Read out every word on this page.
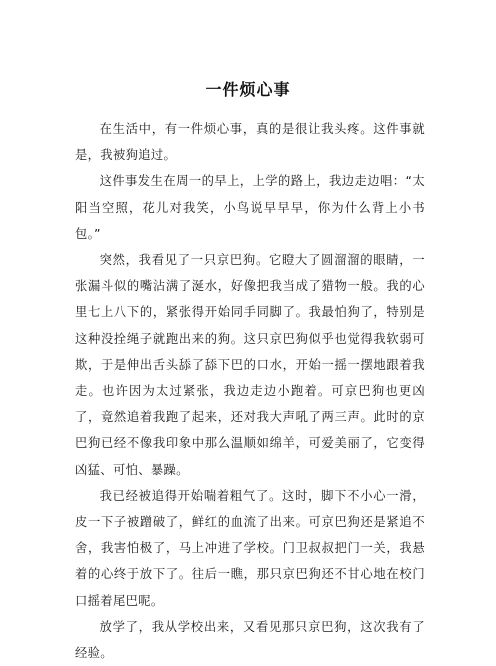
一件烦心事

在生活中，有一件烦心事，真的是很让我头疼。这件事就是，我被狗追过。

这件事发生在周一的早上，上学的路上，我边走边唱：“太阳当空照，花儿对我笑，小鸟说早早早，你为什么背上小书包。”

突然，我看见了一只京巴狗。它瞪大了圆溜溜的眼睛，一张漏斗似的嘴沾满了涎水，好像把我当成了猎物一般。我的心里七上八下的，紧张得开始同手同脚了。我最怕狗了，特别是这种没拴绳子就跑出来的狗。这只京巴狗似乎也觉得我软弱可欺，于是伸出舌头舔了舔下巴的口水，开始一摇一摆地跟着我走。也许因为太过紧张，我边走边小跑着。可京巴狗也更凶了，竟然追着我跑了起来，还对我大声吼了两三声。此时的京巴狗已经不像我印象中那么温顺如绵羊，可爱美丽了，它变得凶猛、可怕、暴躁。

我已经被追得开始喘着粗气了。这时，脚下不小心一滑，皮一下子被蹭破了，鲜红的血流了出来。可京巴狗还是紧追不舍，我害怕极了，马上冲进了学校。门卫叔叔把门一关，我悬着的心终于放下了。往后一瞧，那只京巴狗还不甘心地在校门口摇着尾巴呢。

放学了，我从学校出来，又看见那只京巴狗，这次我有了经验。
